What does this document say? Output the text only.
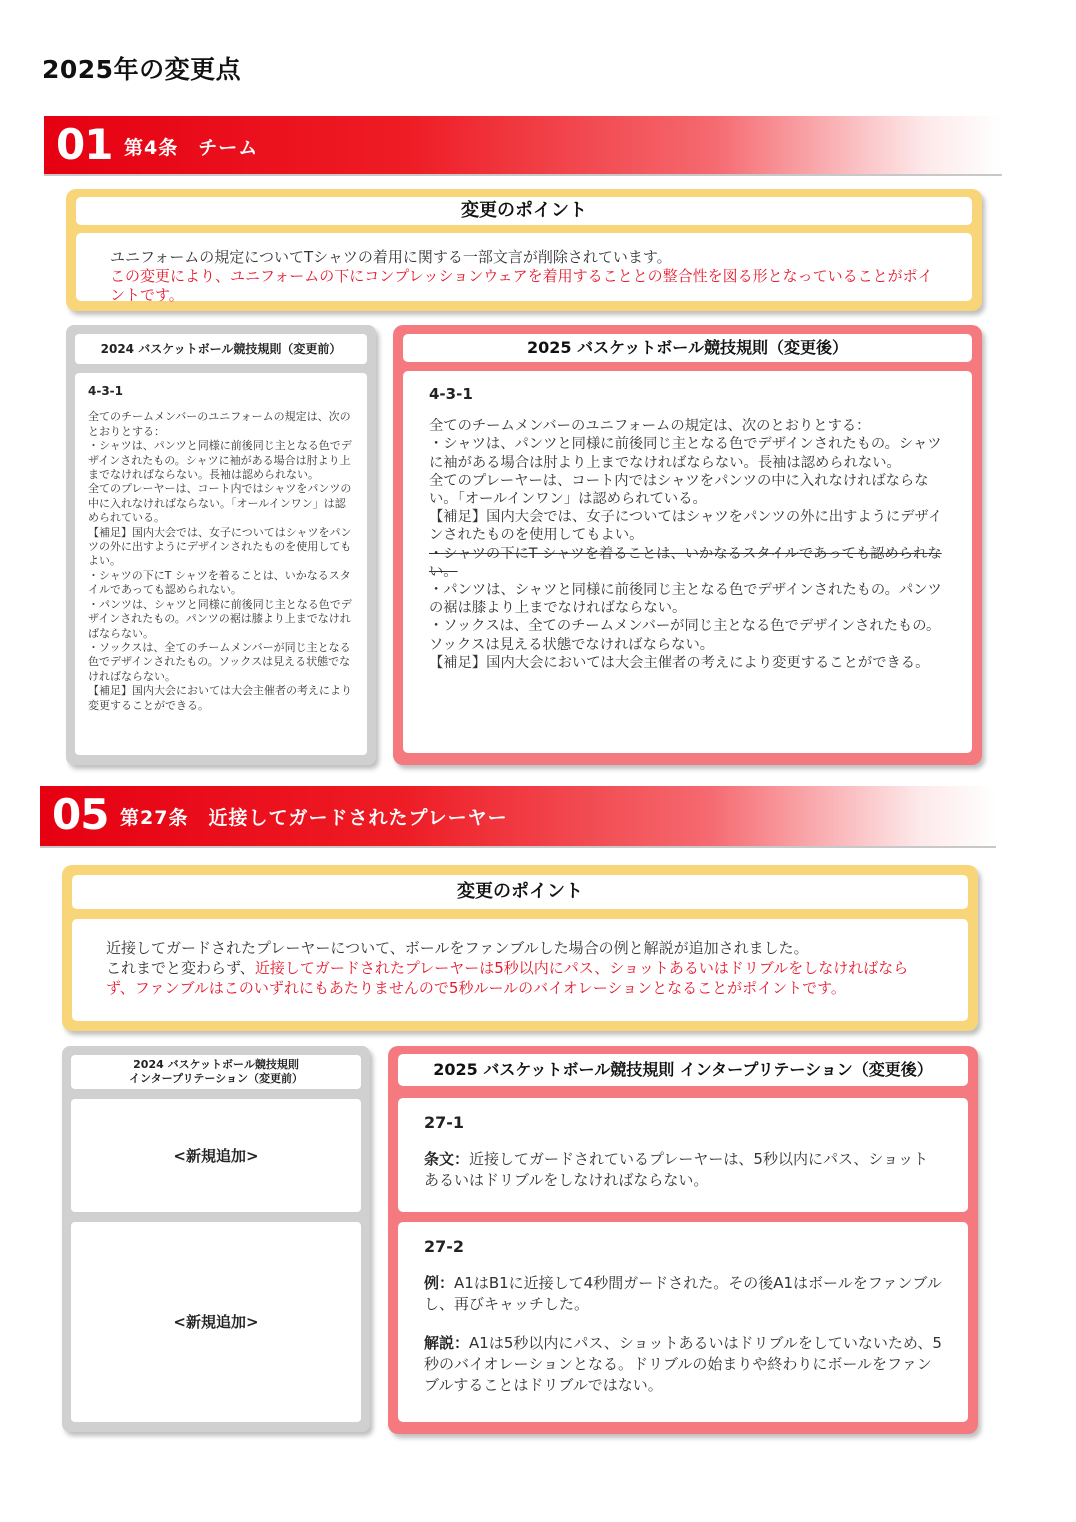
2025年の変更点
01 第4条　チーム
変更のポイント
ユニフォームの規定についてTシャツの着用に関する一部文言が削除されています。
この変更により、ユニフォームの下にコンプレッションウェアを着用することとの整合性を図る形となっていることがポイントです。
2024 バスケットボール競技規則（変更前）
4-3-1
全てのチームメンバーのユニフォームの規定は、次のとおりとする：
・シャツは、パンツと同様に前後同じ主となる色でデザインされたもの。シャツに袖がある場合は肘より上までなければならない。長袖は認められない。
全てのプレーヤーは、コート内ではシャツをパンツの中に入れなければならない。「オールインワン」は認められている。
【補足】国内大会では、女子についてはシャツをパンツの外に出すようにデザインされたものを使用してもよい。
・シャツの下にT シャツを着ることは、いかなるスタイルであっても認められない。
・パンツは、シャツと同様に前後同じ主となる色でデザインされたもの。パンツの裾は膝より上までなければならない。
・ソックスは、全てのチームメンバーが同じ主となる色でデザインされたもの。ソックスは見える状態でなければならない。
【補足】国内大会においては大会主催者の考えにより変更することができる。
2025 バスケットボール競技規則（変更後）
4-3-1
全てのチームメンバーのユニフォームの規定は、次のとおりとする：
・シャツは、パンツと同様に前後同じ主となる色でデザインされたもの。シャツに袖がある場合は肘より上までなければならない。長袖は認められない。
全てのプレーヤーは、コート内ではシャツをパンツの中に入れなければならない。「オールインワン」は認められている。
【補足】国内大会では、女子についてはシャツをパンツの外に出すようにデザインされたものを使用してもよい。
・シャツの下にT シャツを着ることは、いかなるスタイルであっても認められない。
・パンツは、シャツと同様に前後同じ主となる色でデザインされたもの。パンツの裾は膝より上までなければならない。
・ソックスは、全てのチームメンバーが同じ主となる色でデザインされたもの。ソックスは見える状態でなければならない。
【補足】国内大会においては大会主催者の考えにより変更することができる。
05 第27条　近接してガードされたプレーヤー
変更のポイント
近接してガードされたプレーヤーについて、ボールをファンブルした場合の例と解説が追加されました。
これまでと変わらず、近接してガードされたプレーヤーは5秒以内にパス、ショットあるいはドリブルをしなければならず、ファンブルはこのいずれにもあたりませんので5秒ルールのバイオレーションとなることがポイントです。
2024 バスケットボール競技規則
インタープリテーション（変更前）
<新規追加>
<新規追加>
2025 バスケットボール競技規則 インタープリテーション（変更後）
27-1
条文：近接してガードされているプレーヤーは、5秒以内にパス、ショットあるいはドリブルをしなければならない。
27-2
例：A1はB1に近接して4秒間ガードされた。その後A1はボールをファンブルし、再びキャッチした。
解説：A1は5秒以内にパス、ショットあるいはドリブルをしていないため、5秒のバイオレーションとなる。ドリブルの始まりや終わりにボールをファンブルすることはドリブルではない。
